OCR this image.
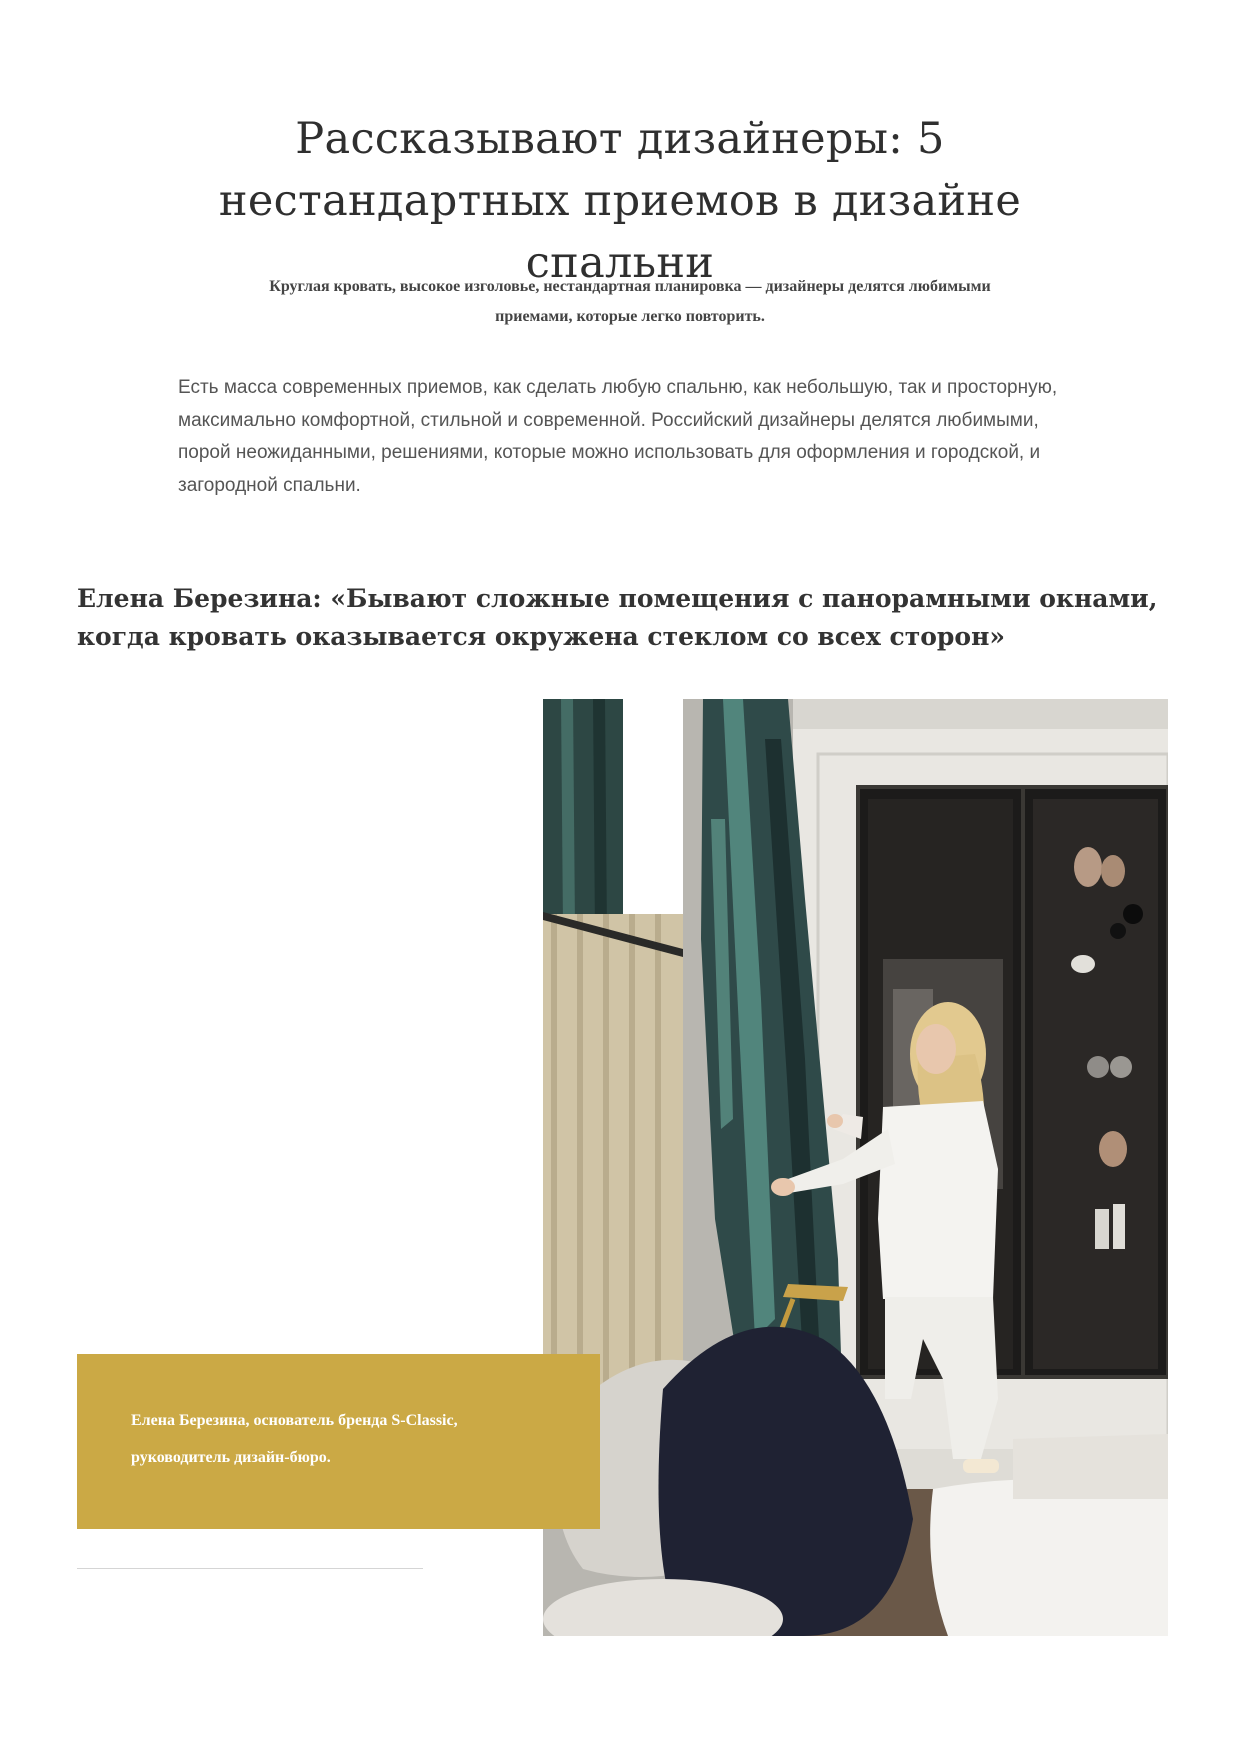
Рассказывают дизайнеры: 5 нестандартных приемов в дизайне спальни

Круглая кровать, высокое изголовье, нестандартная планировка — дизайнеры делятся любимыми приемами, которые легко повторить.

Есть масса современных приемов, как сделать любую спальню, как небольшую, так и просторную, максимально комфортной, стильной и современной. Российский дизайнеры делятся любимыми, порой неожиданными, решениями, которые можно использовать для оформления и городской, и загородной спальни.

Елена Березина: «Бывают сложные помещения с панорамными окнами, когда кровать оказывается окружена стеклом со всех сторон»

Елена Березина, основатель бренда S-Classic, руководитель дизайн-бюро.
